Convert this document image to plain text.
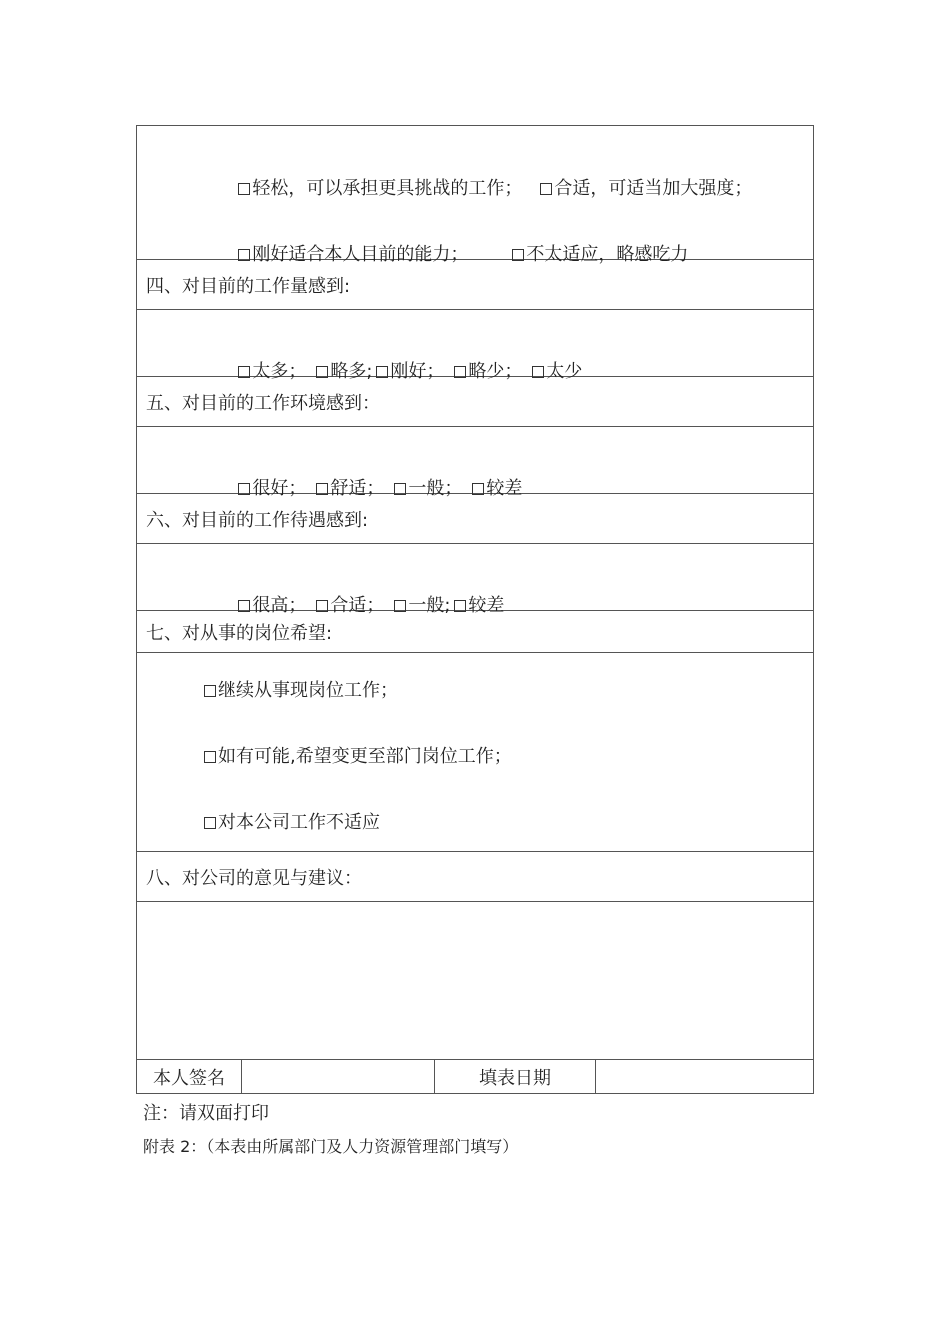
轻松，可以承担更具挑战的工作； 合适，可适当加大强度；

刚好适合本人目前的能力；	不太适应，略感吃力

四、对目前的工作量感到:

太多； 略多; 刚好； 略少； 太少

五、对目前的工作环境感到：

很好； 舒适； 一般； 较差

六、对目前的工作待遇感到:

很高； 合适； 一般; 较差

七、对从事的岗位希望:
继续从事现岗位工作；
如有可能,希望变更至部门岗位工作；
对本公司工作不适应
八、对公司的意见与建议：
本人签名	填表日期
注：请双面打印
附表 2：（本表由所属部门及人力资源管理部门填写）
